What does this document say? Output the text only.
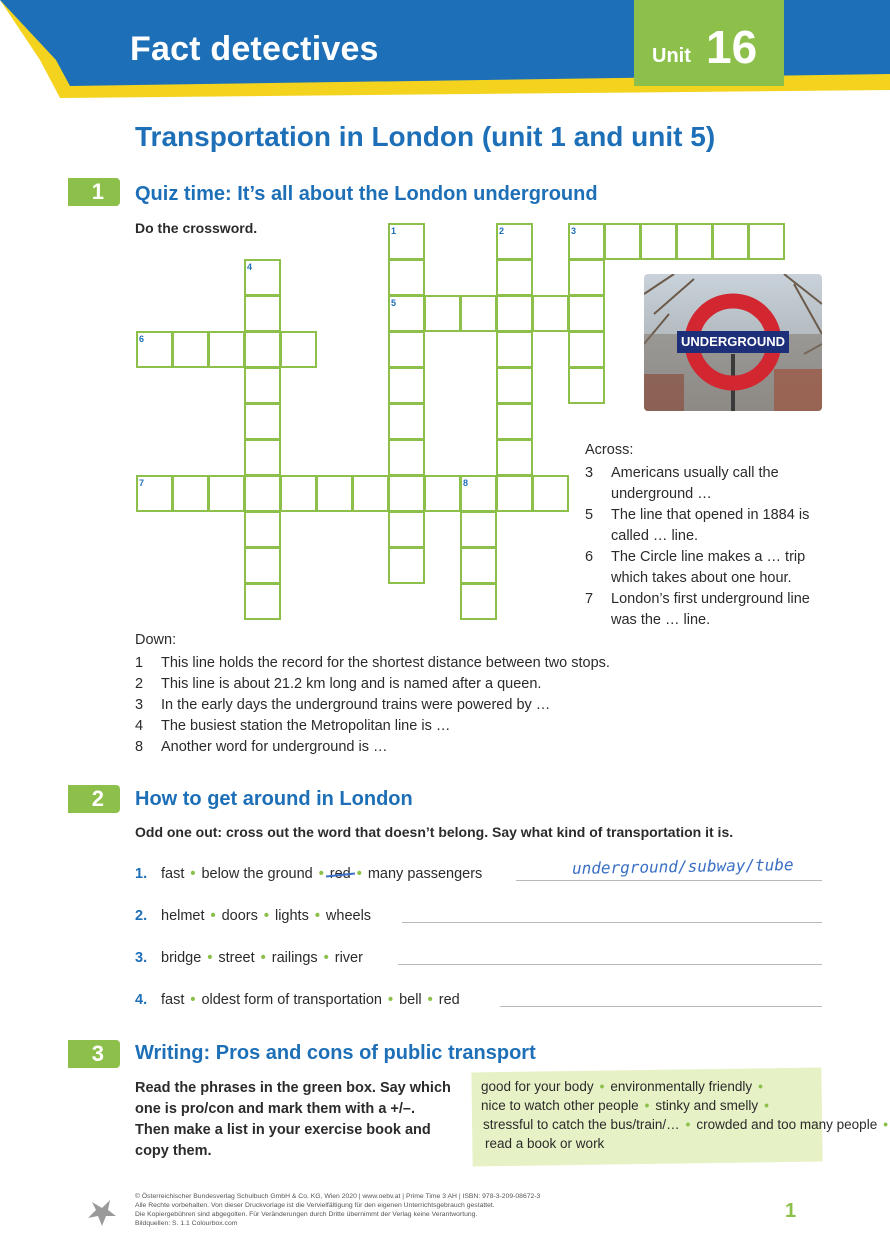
Fact detectives	Unit 16
Transportation in London (unit 1 and unit 5)
1	Quiz time: It’s all about the London underground
Do the crossword.	1	2	3
4
5
6
7	8
UNDERGROUND
Across:
3 Americans usually call the
underground …
5 The line that opened in 1884 is
called … line.
6 The Circle line makes a … trip
which takes about one hour.
7 London’s first underground line
was the … line.
Down:
1 This line holds the record for the shortest distance between two stops.
2 This line is about 21.2 km long and is named after a queen.
3 In the early days the underground trains were powered by …
4 The busiest station the Metropolitan line is …
8 Another word for underground is …
2	How to get around in London
Odd one out: cross out the word that doesn’t belong. Say what kind of transportation it is.
1. fast • below the ground • • many passengers
2. helmet • doors • lights • wheels
3. bridge • street • railings • river
4. fast • oldest form of transportation • bell • red
underground/subway/tube
3	Writing: Pros and cons of public transport
Read the phrases in the green box. Say which
one is pro/con and mark them with a +/–.
Then make a list in your exercise book and
copy them.
good for your body • environmentally friendly •
nice to watch other people • stinky and smelly •
stressful to catch the bus/train/… • crowded and too many people •
read a book or work
© Österreichischer Bundesverlag Schulbuch GmbH & Co. KG, Wien 2020 | www.oebv.at | Prime Time 3 AH | ISBN: 978-3-209-08672-3
Alle Rechte vorbehalten. Von dieser Druckvorlage ist die Vervielfältigung für den eigenen Unterrichtsgebrauch gestattet.
Die Kopiergebühren sind abgegolten. Für Veränderungen durch Dritte übernimmt der Verlag keine Verantwortung.
Bildquellen: S. 1.1 Colourbox.com
1
